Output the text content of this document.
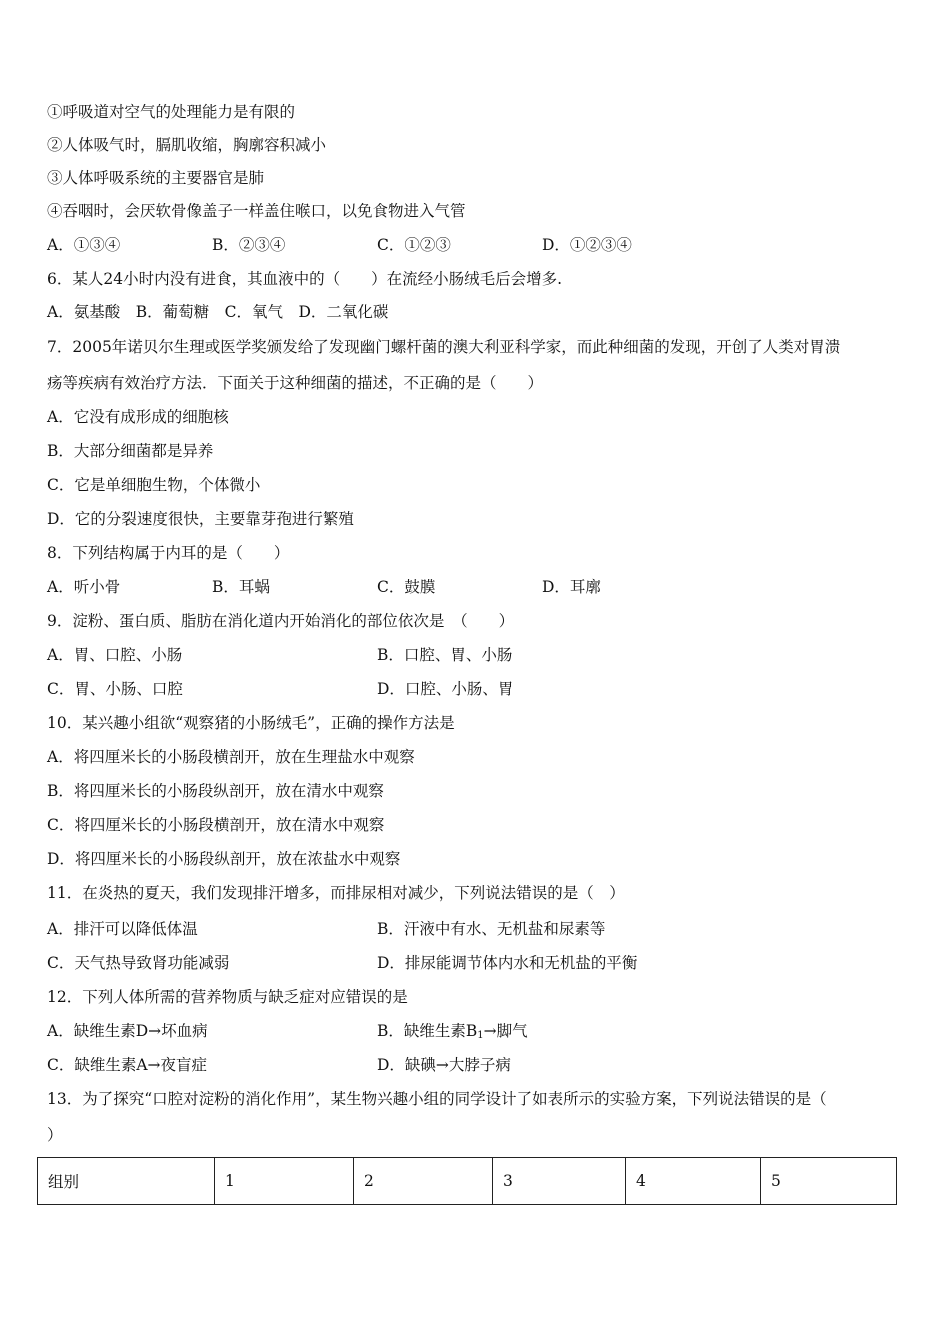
①呼吸道对空气的处理能力是有限的
②人体吸气时，膈肌收缩，胸廓容积减小
③人体呼吸系统的主要器官是肺
④吞咽时，会厌软骨像盖子一样盖住喉口，以免食物进入气管
A．①③④	B．②③④	C．①②③	D．①②③④
6．某人24小时内没有进食，其血液中的（　　）在流经小肠绒毛后会增多.
A．氨基酸　B．葡萄糖　C．氧气　D．二氧化碳
7．2005年诺贝尔生理或医学奖颁发给了发现幽门螺杆菌的澳大利亚科学家，而此种细菌的发现，开创了人类对胃溃
疡等疾病有效治疗方法．下面关于这种细菌的描述，不正确的是（　　）
A．它没有成形成的细胞核
B．大部分细菌都是异养
C．它是单细胞生物，个体微小
D．它的分裂速度很快，主要靠芽孢进行繁殖
8．下列结构属于内耳的是（　　）
A．听小骨	B．耳蜗	C．鼓膜	D．耳廓
9．淀粉、蛋白质、脂肪在消化道内开始消化的部位依次是　（　　）
A．胃、口腔、小肠	B．口腔、胃、小肠
C．胃、小肠、口腔	D．口腔、小肠、胃
10．某兴趣小组欲“观察猪的小肠绒毛”，正确的操作方法是
A．将四厘米长的小肠段横剖开，放在生理盐水中观察
B．将四厘米长的小肠段纵剖开，放在清水中观察
C．将四厘米长的小肠段横剖开，放在清水中观察
D．将四厘米长的小肠段纵剖开，放在浓盐水中观察
11．在炎热的夏天，我们发现排汗增多，而排尿相对减少，下列说法错误的是（　）
A．排汗可以降低体温	B．汗液中有水、无机盐和尿素等
C．天气热导致肾功能减弱	D．排尿能调节体内水和无机盐的平衡
12．下列人体所需的营养物质与缺乏症对应错误的是
A．缺维生素D→坏血病	B．缺维生素$B_1\to$脚气
C．缺维生素A→夜盲症	D．缺碘→大脖子病
13．为了探究“口腔对淀粉的消化作用”，某生物兴趣小组的同学设计了如表所示的实验方案，下列说法错误的是（
）
组别	1	2	3	4	5
